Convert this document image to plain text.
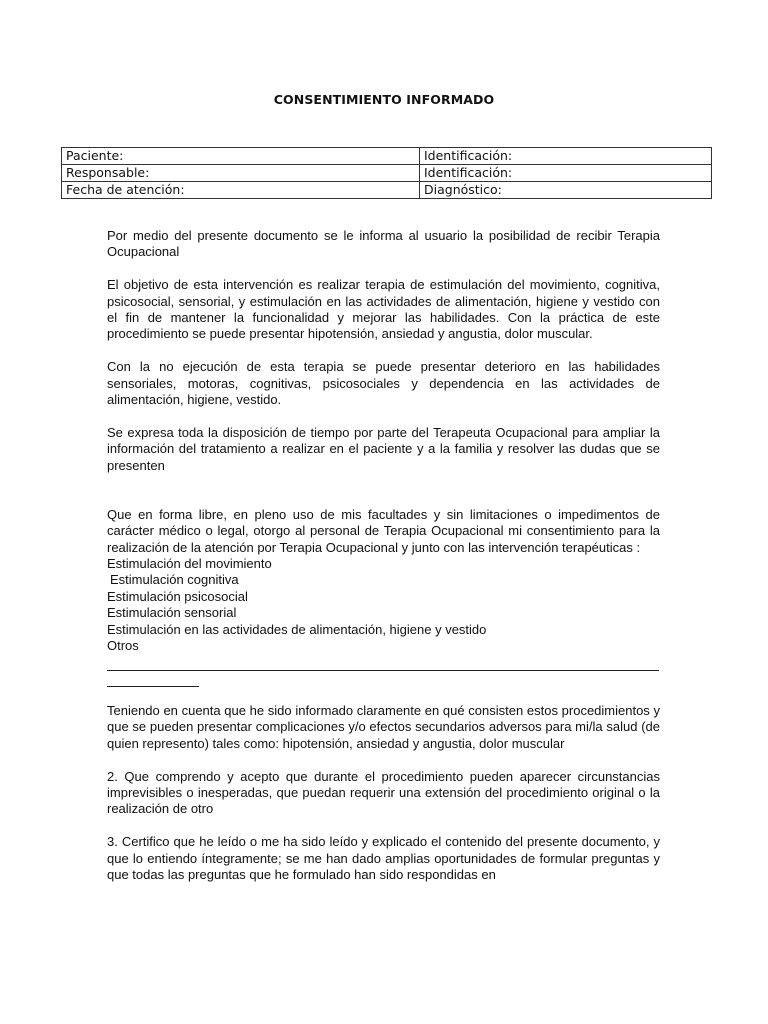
CONSENTIMIENTO INFORMADO
Paciente:	Identificación:
Responsable:	Identificación:
Fecha de atención:	Diagnóstico:

Por medio del presente documento se le informa al usuario la posibilidad de recibir Terapia Ocupacional

El objetivo de esta intervención es realizar terapia de estimulación del movimiento, cognitiva, psicosocial, sensorial, y estimulación en las actividades de alimentación, higiene y vestido con el fin de mantener la funcionalidad y mejorar las habilidades. Con la práctica de este procedimiento se puede presentar hipotensión, ansiedad y angustia, dolor muscular.

Con la no ejecución de esta terapia se puede presentar deterioro en las habilidades sensoriales, motoras, cognitivas, psicosociales y dependencia en las actividades de alimentación, higiene, vestido.

Se expresa toda la disposición de tiempo por parte del Terapeuta Ocupacional para ampliar la información del tratamiento a realizar en el paciente y a la familia y resolver las dudas que se presenten

Que en forma libre, en pleno uso de mis facultades y sin limitaciones o impedimentos de carácter médico o legal, otorgo al personal de Terapia Ocupacional mi consentimiento para la realización de la atención por Terapia Ocupacional y junto con las intervención terapéuticas :

Estimulación del movimiento
Estimulación cognitiva
Estimulación psicosocial
Estimulación sensorial
Estimulación en las actividades de alimentación, higiene y vestido
Otros

Teniendo en cuenta que he sido informado claramente en qué consisten estos procedimientos y que se pueden presentar complicaciones y/o efectos secundarios adversos para mi/la salud (de quien represento) tales como: hipotensión, ansiedad y angustia, dolor muscular

2. Que comprendo y acepto que durante el procedimiento pueden aparecer circunstancias imprevisibles o inesperadas, que puedan requerir una extensión del procedimiento original o la realización de otro

3. Certifico que he leído o me ha sido leído y explicado el contenido del presente documento, y que lo entiendo íntegramente; se me han dado amplias oportunidades de formular preguntas y que todas las preguntas que he formulado han sido respondidas en
